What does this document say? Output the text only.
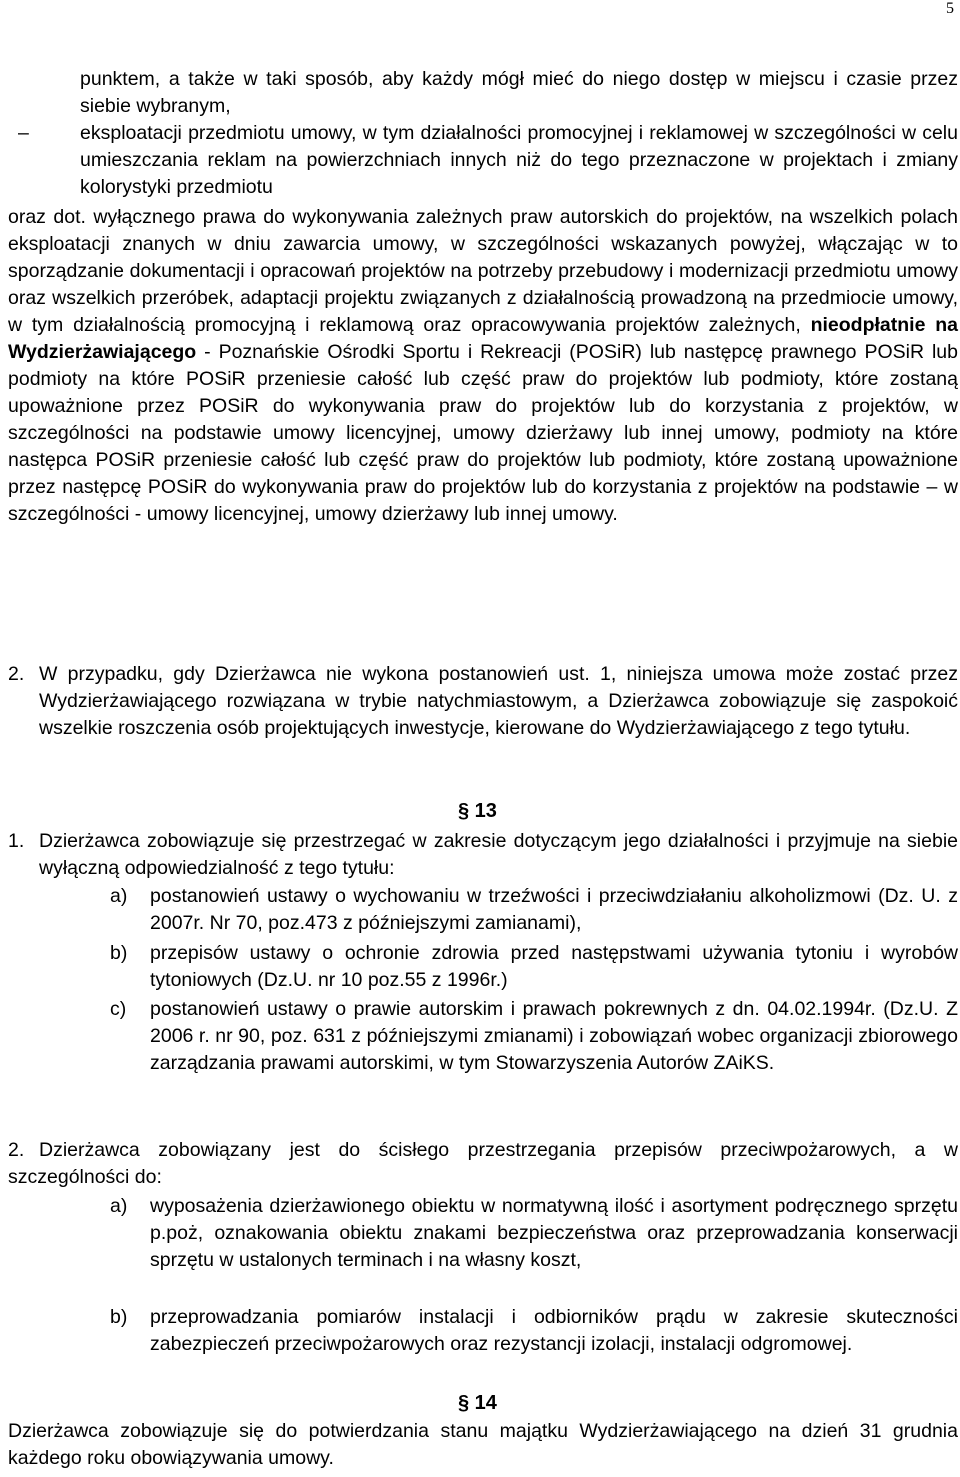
5
punktem, a także w taki sposób, aby każdy mógł mieć do niego dostęp w miejscu i czasie przez siebie wybranym,
–	eksploatacji przedmiotu umowy, w tym działalności promocyjnej i reklamowej w szczególności w celu umieszczania reklam na powierzchniach innych niż do tego przeznaczone w projektach i zmiany kolorystyki przedmiotu
oraz dot. wyłącznego prawa do wykonywania zależnych praw autorskich do projektów, na wszelkich polach eksploatacji znanych w dniu zawarcia umowy, w szczególności wskazanych powyżej, włączając w to sporządzanie dokumentacji i opracowań projektów na potrzeby przebudowy i modernizacji przedmiotu umowy oraz wszelkich przeróbek, adaptacji projektu związanych z działalnością prowadzoną na przedmiocie umowy, w tym działalnością promocyjną i reklamową oraz opracowywania projektów zależnych, nieodpłatnie na Wydzierżawiającego - Poznańskie Ośrodki Sportu i Rekreacji (POSiR) lub następcę prawnego POSiR lub podmioty na które POSiR przeniesie całość lub część praw do projektów lub podmioty, które zostaną upoważnione przez POSiR do wykonywania praw do projektów lub do korzystania z projektów, w szczególności na podstawie umowy licencyjnej, umowy dzierżawy lub innej umowy, podmioty na które następca POSiR przeniesie całość lub część praw do projektów lub podmioty, które zostaną upoważnione przez następcę POSiR do wykonywania praw do projektów lub do korzystania z projektów na podstawie – w szczególności - umowy licencyjnej, umowy dzierżawy lub innej umowy.
2. W przypadku, gdy Dzierżawca nie wykona postanowień ust. 1, niniejsza umowa może zostać przez Wydzierżawiającego rozwiązana w trybie natychmiastowym, a Dzierżawca zobowiązuje się zaspokoić wszelkie roszczenia osób projektujących inwestycje, kierowane do Wydzierżawiającego z tego tytułu.
§ 13
1. Dzierżawca zobowiązuje się przestrzegać w zakresie dotyczącym jego działalności i przyjmuje na siebie wyłączną odpowiedzialność z tego tytułu:
a) postanowień ustawy o wychowaniu w trzeźwości i przeciwdziałaniu alkoholizmowi (Dz. U. z 2007r. Nr 70, poz.473 z późniejszymi zamianami),
b) przepisów ustawy o ochronie zdrowia przed następstwami używania tytoniu i wyrobów tytoniowych (Dz.U. nr 10 poz.55 z 1996r.)
c) postanowień ustawy o prawie autorskim i prawach pokrewnych z dn. 04.02.1994r. (Dz.U. Z 2006 r. nr 90, poz. 631 z późniejszymi zmianami) i zobowiązań wobec organizacji zbiorowego zarządzania prawami autorskimi, w tym Stowarzyszenia Autorów ZAiKS.
2. Dzierżawca zobowiązany jest do ścisłego przestrzegania przepisów przeciwpożarowych, a w szczególności do:
a) wyposażenia dzierżawionego obiektu w normatywną ilość i asortyment podręcznego sprzętu p.poż, oznakowania obiektu znakami bezpieczeństwa oraz przeprowadzania konserwacji sprzętu w ustalonych terminach i na własny koszt,
b) przeprowadzania pomiarów instalacji i odbiorników prądu w zakresie skuteczności zabezpieczeń przeciwpożarowych oraz rezystancji izolacji, instalacji odgromowej.
§ 14
Dzierżawca zobowiązuje się do potwierdzania stanu majątku Wydzierżawiającego na dzień 31 grudnia każdego roku obowiązywania umowy.
